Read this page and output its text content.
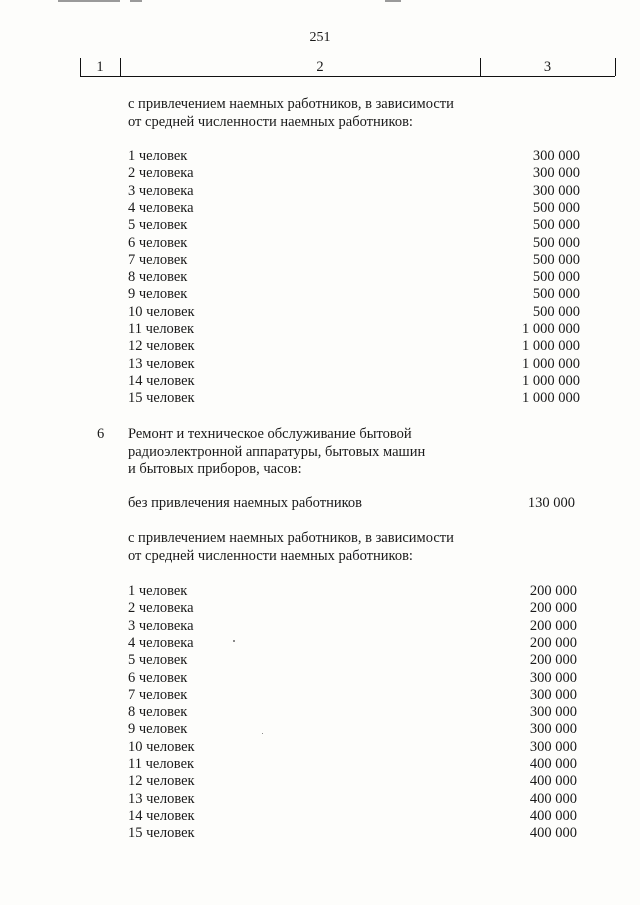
251
1	2	3
с привлечением наемных работников, в зависимости
от средней численности наемных работников:
1 человек	300 000
2 человека	300 000
3 человека	300 000
4 человека	500 000
5 человек	500 000
6 человек	500 000
7 человек	500 000
8 человек	500 000
9 человек	500 000
10 человек	500 000
11 человек	1 000 000
12 человек	1 000 000
13 человек	1 000 000
14 человек	1 000 000
15 человек	1 000 000
6 Ремонт и техническое обслуживание бытовой
радиоэлектронной аппаратуры, бытовых машин
и бытовых приборов, часов:
без привлечения наемных работников	130 000
с привлечением наемных работников, в зависимости
от средней численности наемных работников:
1 человек	200 000
2 человека	200 000
3 человека	200 000
4 человека	200 000
5 человек	200 000
6 человек	300 000
7 человек	300 000
8 человек	300 000
9 человек	300 000
10 человек	300 000
11 человек	400 000
12 человек	400 000
13 человек	400 000
14 человек	400 000
15 человек	400 000
